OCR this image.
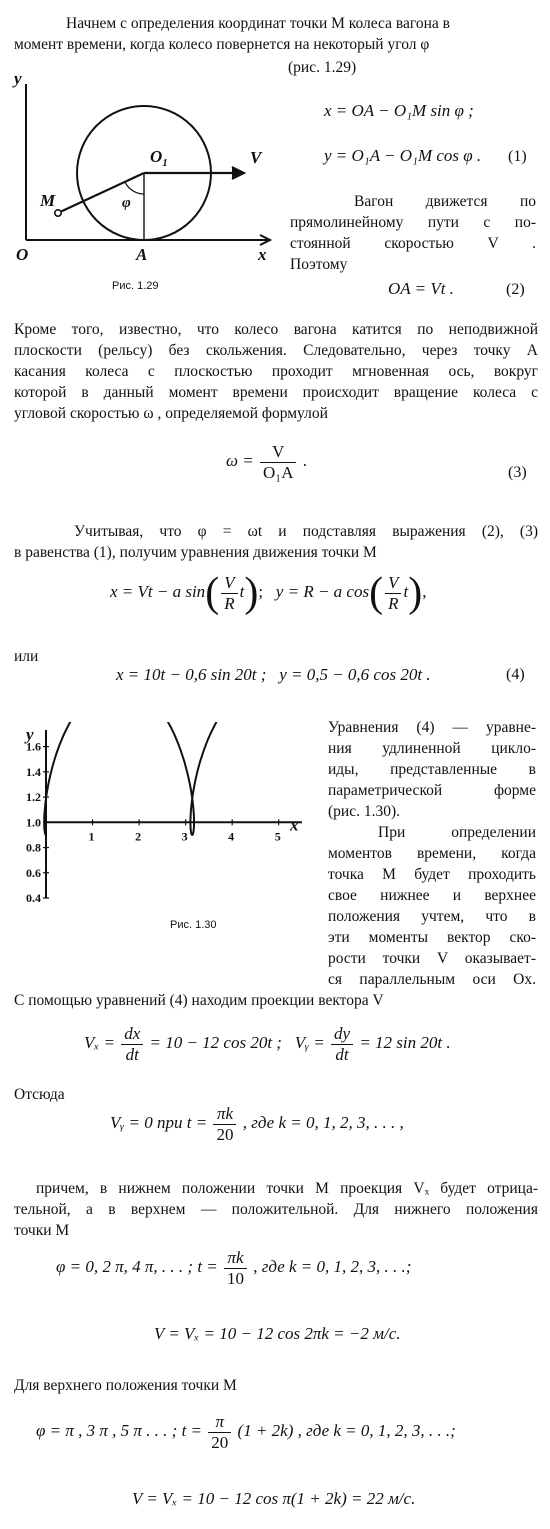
Начнем с определения координат точки M колеса вагона в
момент времени, когда колесо повернется на некоторый угол φ
(рис. 1.29)
y
O
$O_1$
M
A	x
V
φ
Рис. 1.29
x = OA − O₁M sin φ ;
y = O₁A − O₁M cos φ . (1)
Вагон движется по
прямолинейному пути с по-
стоянной скоростью V .
Поэтому
OA = Vt .	(2)
Кроме того, известно, что колесо вагона катится по неподвижной
плоскости (рельсу) без скольжения. Следовательно, через точку A
касания колеса с плоскостью проходит мгновенная ось, вокруг
которой в данный момент времени происходит вращение колеса с
угловой скоростью ω , определяемой формулой
$\omega = \frac{V}{\text{O₁A}}$ .
(3)
Учитывая, что φ = ωt и подставляя выражения (2), (3)
в равенства (1), получим уравнения движения точки M
x = Vt − a $\sin( \frac{V}{R} t)$; y = R − a $\cos( \frac{V}{R} t)$,
или
x = 10t − 0,6 sin 20t ; y = 0,5 − 0,6 cos 20t .	(4)
1.6
1.4
1.2
1.0
0.8
0.6
0.4
1	2	3	4	5
y
x
Рис. 1.30
Уравнения (4) — уравне-
ния удлиненной цикло-
иды, представленные в
параметрической форме
(рис. 1.30).
При определении
моментов времени, когда
точка M будет проходить
свое нижнее и верхнее
положения учтем, что в
эти моменты вектор ско-
рости точки V оказывает-
ся параллельным оси Ox.
С помощью уравнений (4) находим проекции вектора V
$V_x = \frac{dx}{dt} = 10 - 12$ cos 20t ; Vᵧ = $\frac{dy}{dt} = 12$ sin 20t .
Отсюда
Vᵧ = 0 при $t = \frac{\pi k}{20}$ , где k = 0, 1, 2, 3, . . . ,
причем, в нижнем положении точки M проекция Vₓ будет отрица-
тельной, а в верхнем — положительной. Для нижнего положения
точки M
φ = 0, 2 π, 4 π, . . . ; $t = \frac{\pi k}{10}$ , где k = 0, 1, 2, 3, . . .;
V = Vₓ = 10 − 12 cos 2πk = −2 м/с.
Для верхнего положения точки M
φ = π , 3 π , 5 π . . . ; $t = \frac{\pi}{20} (1 + 2k)$ , где k = 0, 1, 2, 3, . . .;
V = Vₓ = 10 − 12 cos π(1 + 2k) = 22 м/с.
